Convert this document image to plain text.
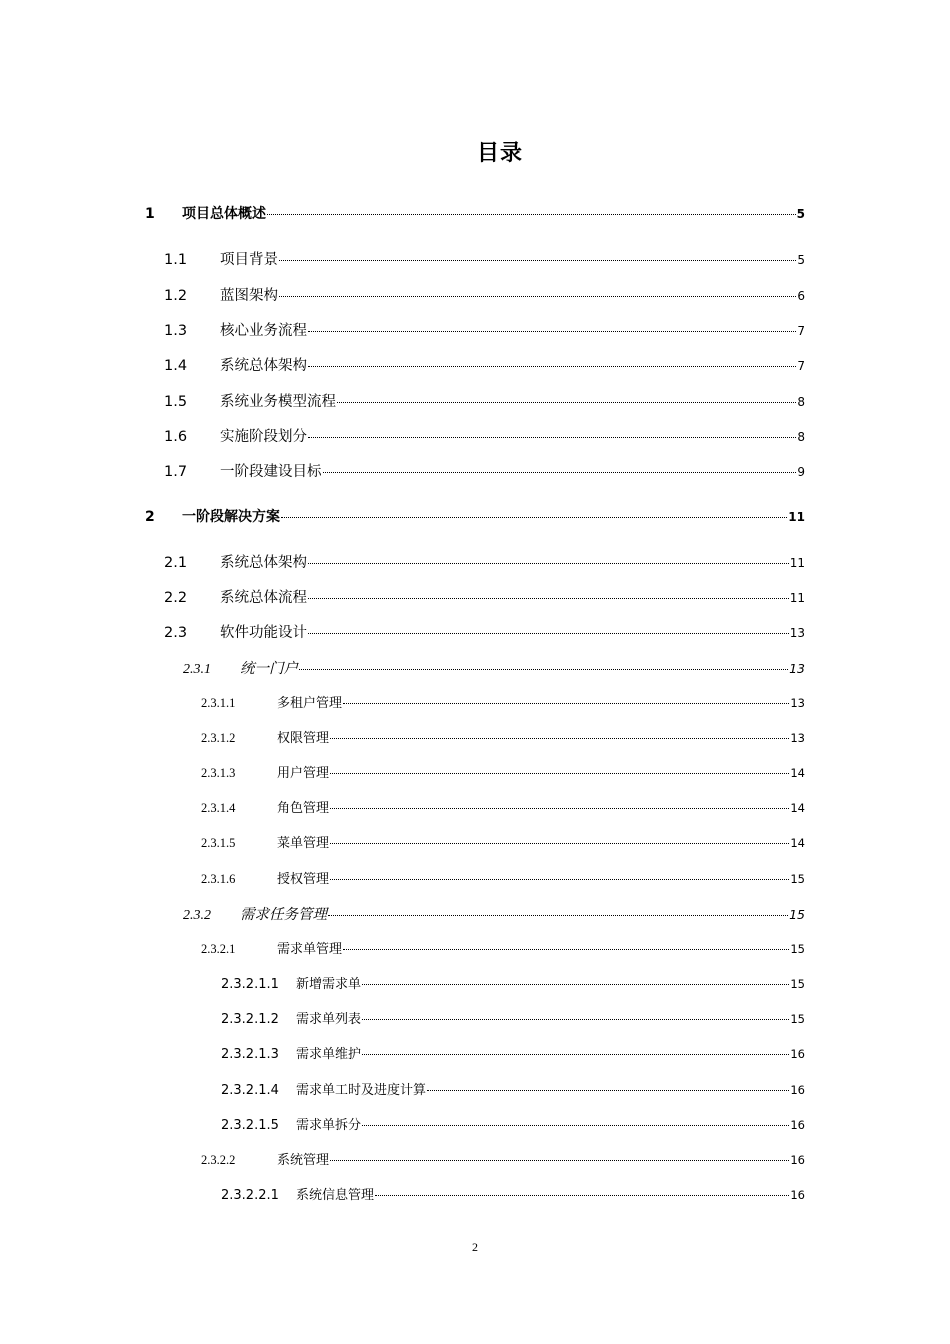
目录
1	项目总体概述	5
1.1	项目背景	5
1.2	蓝图架构	6
1.3	核心业务流程	7
1.4	系统总体架构	7
1.5	系统业务模型流程	8
1.6	实施阶段划分	8
1.7	一阶段建设目标	9
2	一阶段解决方案	11
2.1	系统总体架构	11
2.2	系统总体流程	11
2.3	软件功能设计	13
2.3.1	统一门户	13
2.3.1.1	多租户管理	13
2.3.1.2	权限管理	13
2.3.1.3	用户管理	14
2.3.1.4	角色管理	14
2.3.1.5	菜单管理	14
2.3.1.6	授权管理	15
2.3.2	需求任务管理	15
2.3.2.1	需求单管理	15
2.3.2.1.1	新增需求单	15
2.3.2.1.2	需求单列表	15
2.3.2.1.3	需求单维护	16
2.3.2.1.4	需求单工时及进度计算	16
2.3.2.1.5	需求单拆分	16
2.3.2.2	系统管理	16
2.3.2.2.1	系统信息管理	16
2
